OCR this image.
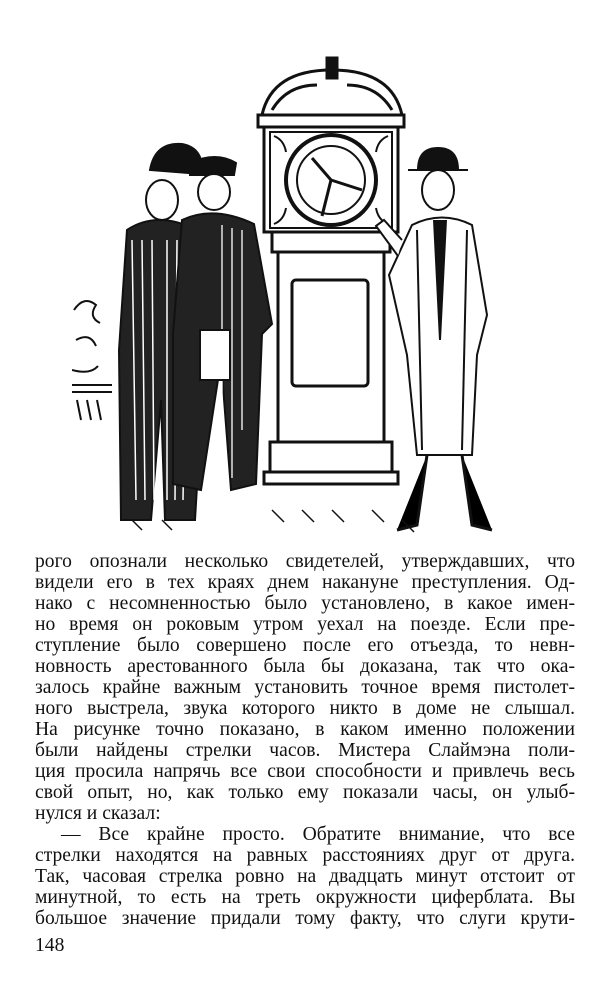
рого опознали несколько свидетелей, утверждавших, что
видели его в тех краях днем накануне преступления. Од-
нако с несомненностью было установлено, в какое имен-
но время он роковым утром уехал на поезде. Если пре-
ступление было совершено после его отъезда, то невн-
новность арестованного была бы доказана, так что ока-
залось крайне важным установить точное время пистолет-
ного выстрела, звука которого никто в доме не слышал.
На рисунке точно показано, в каком именно положении
были найдены стрелки часов. Мистера Слаймэна поли-
ция просила напрячь все свои способности и привлечь весь
свой опыт, но, как только ему показали часы, он улыб-
нулся и сказал:
— Все крайне просто. Обратите внимание, что все
стрелки находятся на равных расстояниях друг от друга.
Так, часовая стрелка ровно на двадцать минут отстоит от
минутной, то есть на треть окружности циферблата. Вы
большое значение придали тому факту, что слуги крути-
148
